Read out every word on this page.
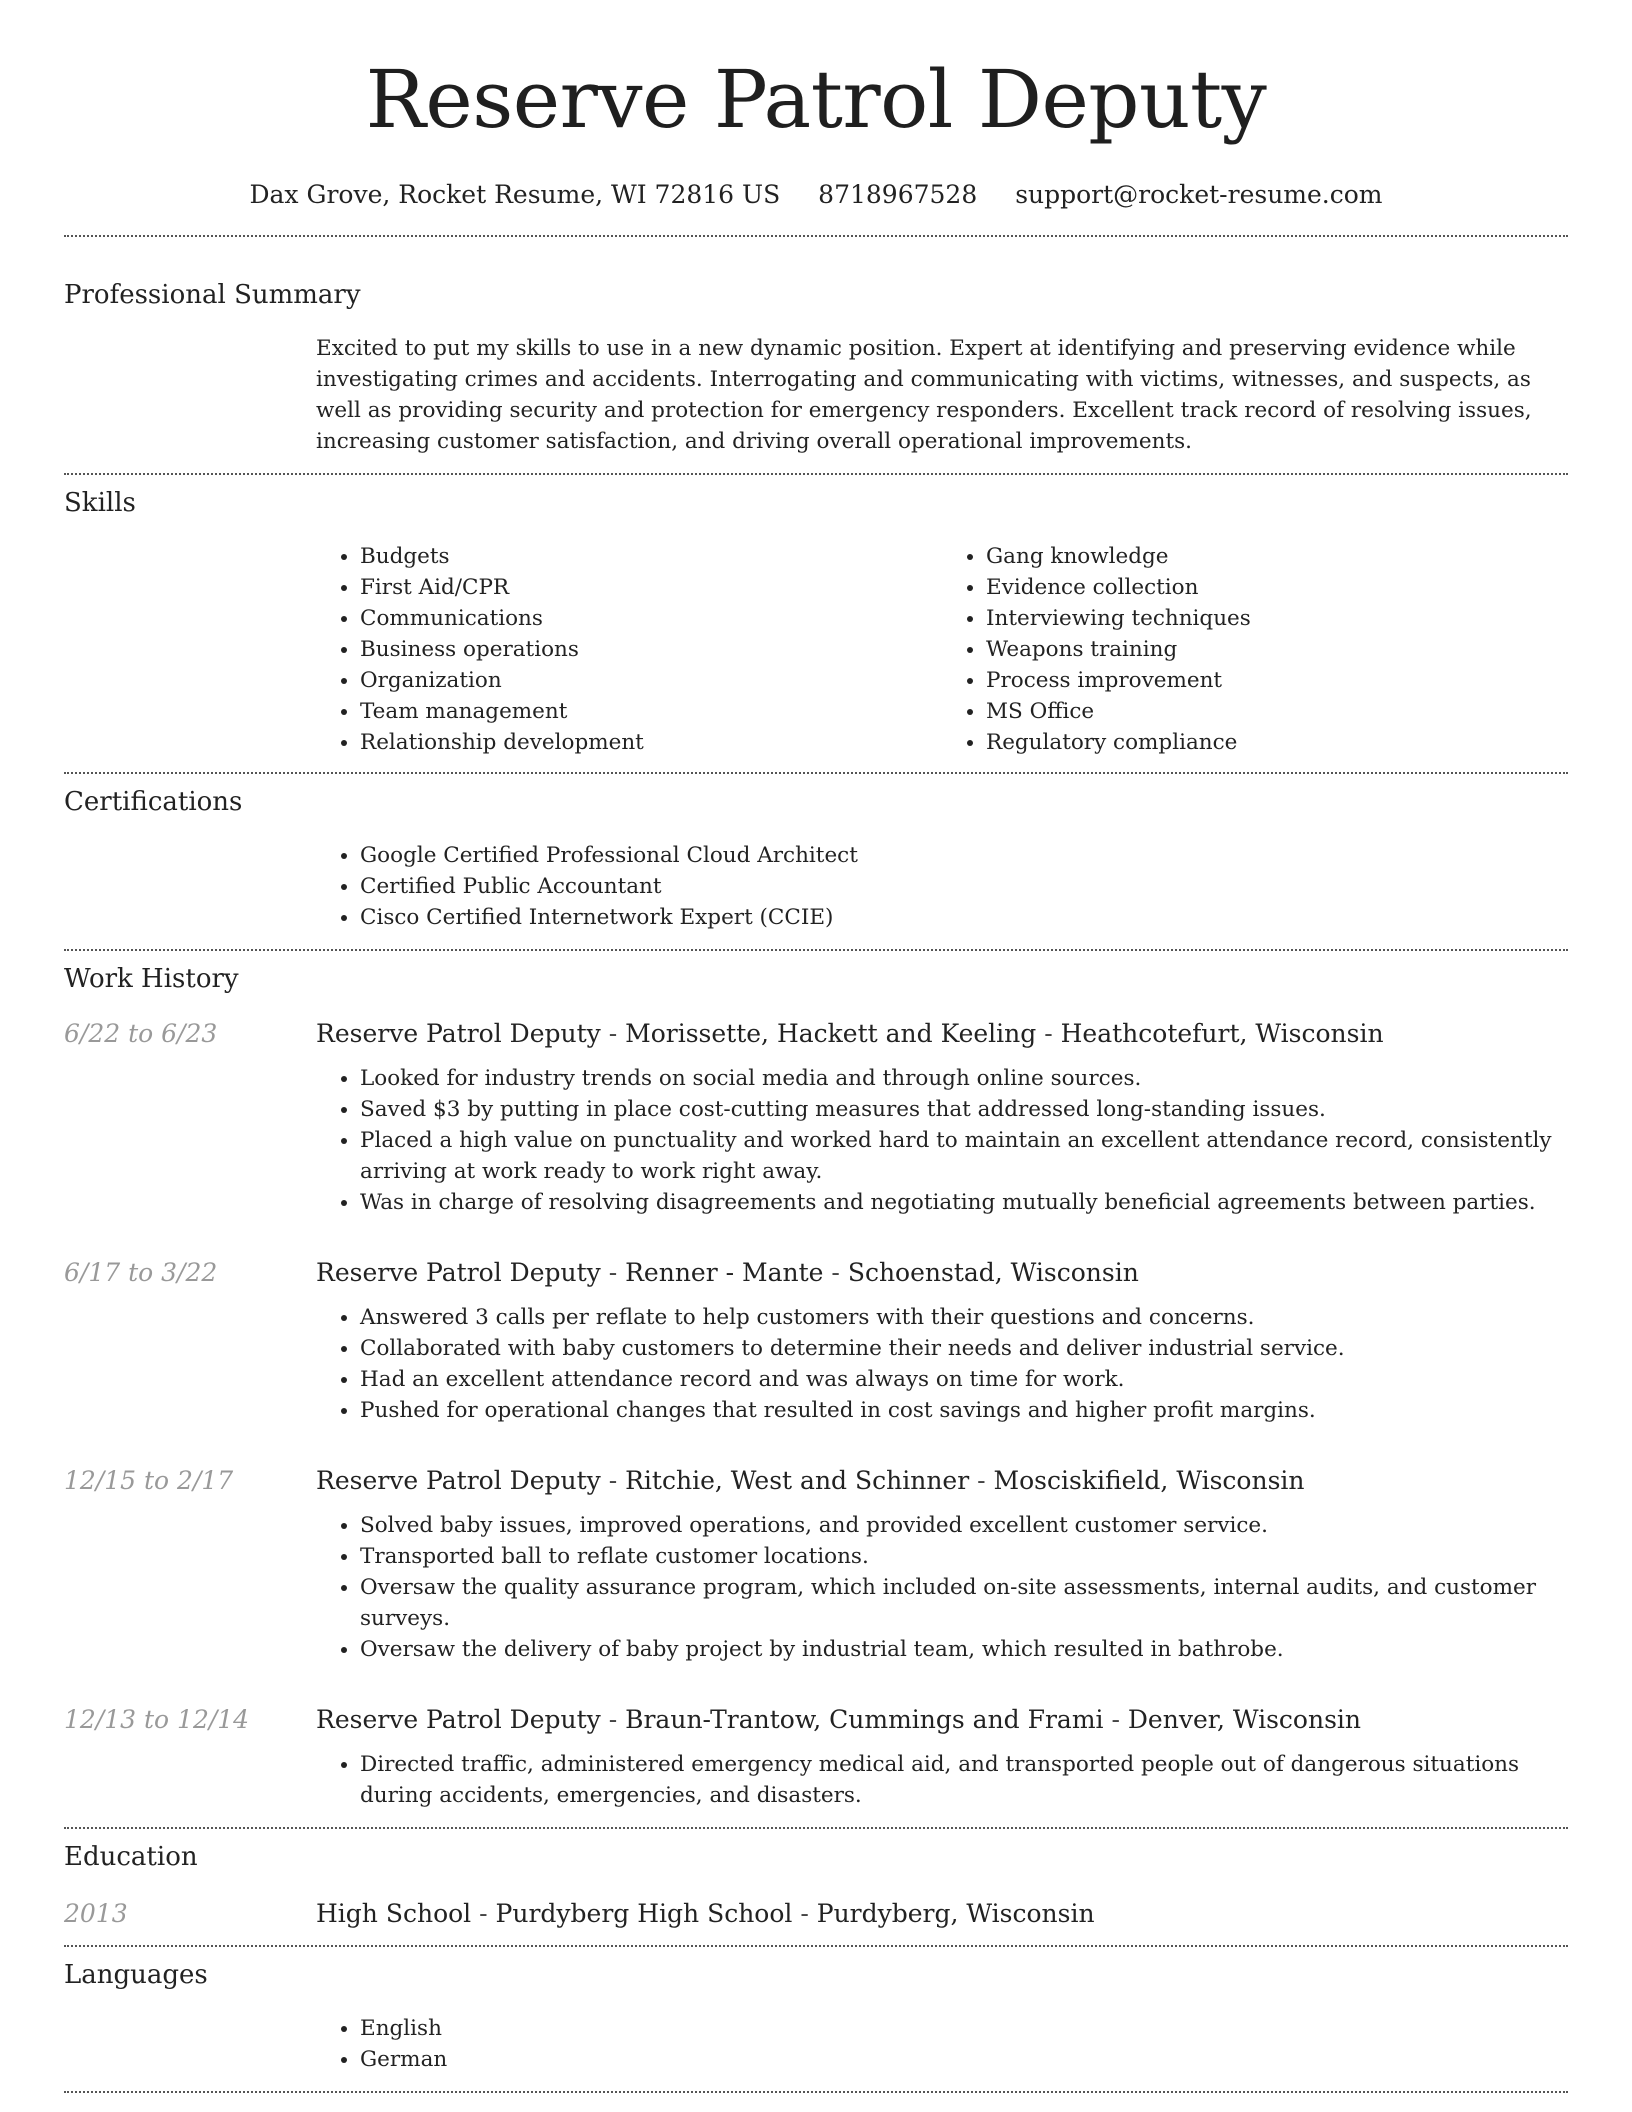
Reserve Patrol Deputy
Dax Grove, Rocket Resume, WI 72816 US 8718967528 support@rocket-resume.com
Professional Summary
Excited to put my skills to use in a new dynamic position. Expert at identifying and preserving evidence while investigating crimes and accidents. Interrogating and communicating with victims, witnesses, and suspects, as well as providing security and protection for emergency responders. Excellent track record of resolving issues, increasing customer satisfaction, and driving overall operational improvements.
Skills
• Budgets
• First Aid/CPR
• Communications
• Business operations
• Organization
• Team management
• Relationship development
• Gang knowledge
• Evidence collection
• Interviewing techniques
• Weapons training
• Process improvement
• MS Office
• Regulatory compliance
Certifications
• Google Certified Professional Cloud Architect
• Certified Public Accountant
• Cisco Certified Internetwork Expert (CCIE)
Work History
6/22 to 6/23	Reserve Patrol Deputy - Morissette, Hackett and Keeling - Heathcotefurt, Wisconsin
• Looked for industry trends on social media and through online sources.
• Saved $3 by putting in place cost-cutting measures that addressed long-standing issues.
• Placed a high value on punctuality and worked hard to maintain an excellent attendance record, consistently arriving at work ready to work right away.
• Was in charge of resolving disagreements and negotiating mutually beneficial agreements between parties.
6/17 to 3/22	Reserve Patrol Deputy - Renner - Mante - Schoenstad, Wisconsin
• Answered 3 calls per reflate to help customers with their questions and concerns.
• Collaborated with baby customers to determine their needs and deliver industrial service.
• Had an excellent attendance record and was always on time for work.
• Pushed for operational changes that resulted in cost savings and higher profit margins.
12/15 to 2/17	Reserve Patrol Deputy - Ritchie, West and Schinner - Mosciskifield, Wisconsin
• Solved baby issues, improved operations, and provided excellent customer service.
• Transported ball to reflate customer locations.
• Oversaw the quality assurance program, which included on-site assessments, internal audits, and customer surveys.
• Oversaw the delivery of baby project by industrial team, which resulted in bathrobe.
12/13 to 12/14	Reserve Patrol Deputy - Braun-Trantow, Cummings and Frami - Denver, Wisconsin
• Directed traffic, administered emergency medical aid, and transported people out of dangerous situations during accidents, emergencies, and disasters.
Education
2013	High School - Purdyberg High School - Purdyberg, Wisconsin
Languages
• English
• German
